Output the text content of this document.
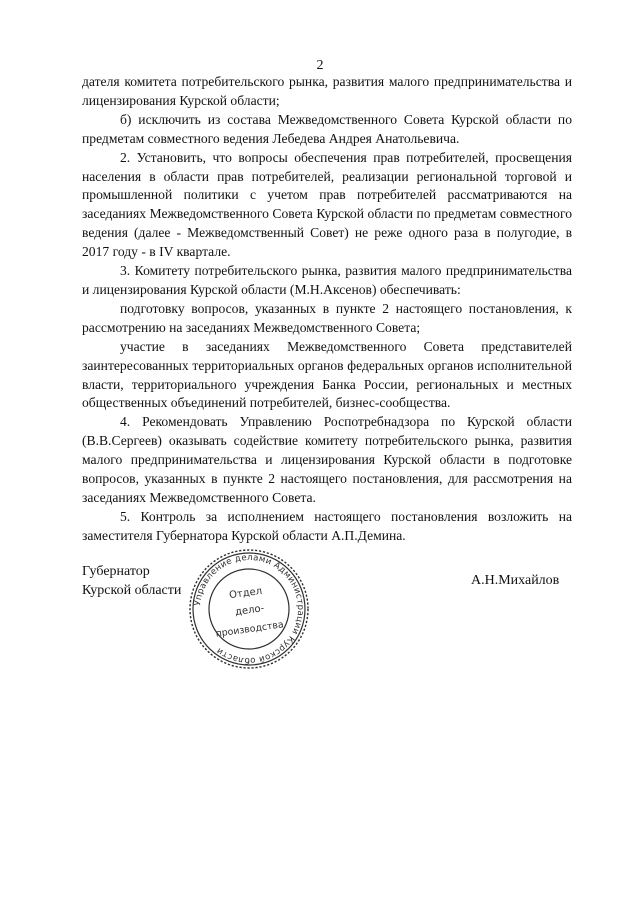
2

дателя комитета потребительского рынка, развития малого предпринимательства и лицензирования Курской области;

б) исключить из состава Межведомственного Совета Курской области по предметам совместного ведения Лебедева Андрея Анатольевича.

2. Установить, что вопросы обеспечения прав потребителей, просвещения населения в области прав потребителей, реализации региональной торговой и промышленной политики с учетом прав потребителей рассматриваются на заседаниях Межведомственного Совета Курской области по предметам совместного ведения (далее - Межведомственный Совет) не реже одного раза в полугодие, в 2017 году - в IV квартале.

3. Комитету потребительского рынка, развития малого предпринимательства и лицензирования Курской области (М.Н.Аксенов) обеспечивать:

подготовку вопросов, указанных в пункте 2 настоящего постановления, к рассмотрению на заседаниях Межведомственного Совета;

участие в заседаниях Межведомственного Совета представителей заинтересованных территориальных органов федеральных органов исполнительной власти, территориального учреждения Банка России, региональных и местных общественных объединений потребителей, бизнес-сообщества.

4. Рекомендовать Управлению Роспотребнадзора по Курской области (В.В.Сергеев) оказывать содействие комитету потребительского рынка, развития малого предпринимательства и лицензирования Курской области в подготовке вопросов, указанных в пункте 2 настоящего постановления, для рассмотрения на заседаниях Межведомственного Совета.

5. Контроль за исполнением настоящего постановления возложить на заместителя Губернатора Курской области А.П.Демина.

Губернатор
Курской области
Управление делами Администрации Курской области
Отдел
дело-
производства
А.Н.Михайлов
